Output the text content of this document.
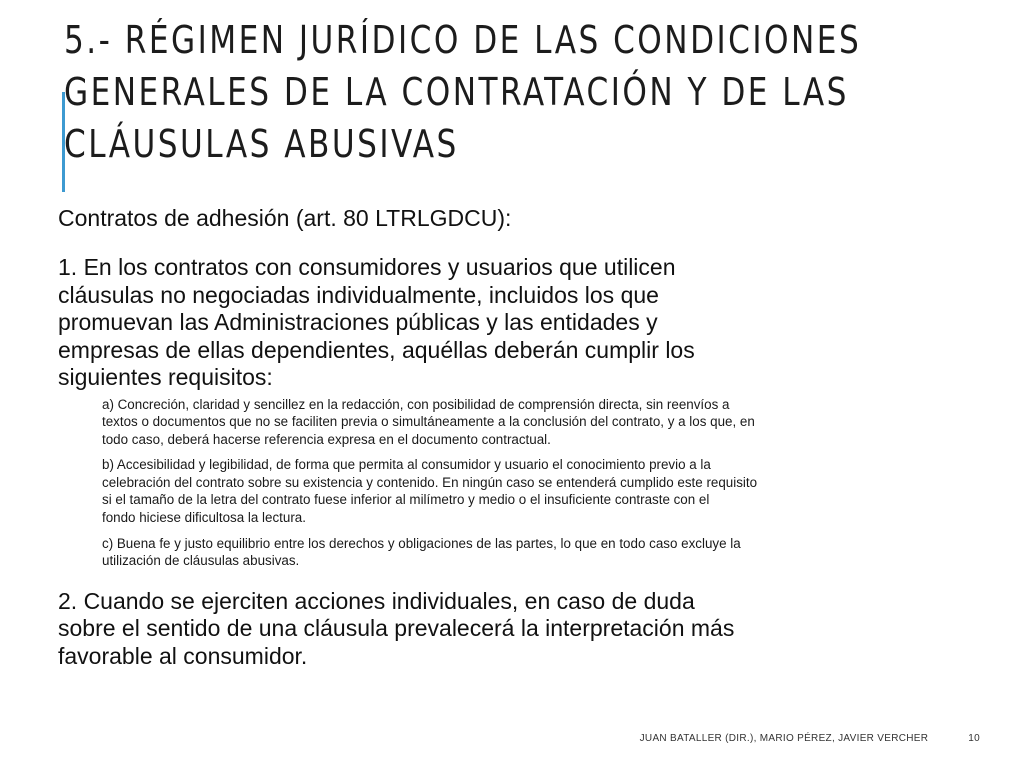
5.- RÉGIMEN JURÍDICO DE LAS CONDICIONES
GENERALES DE LA CONTRATACIÓN Y DE LAS
CLÁUSULAS ABUSIVAS

Contratos de adhesión (art. 80 LTRLGDCU):

1. En los contratos con consumidores y usuarios que utilicen
cláusulas no negociadas individualmente, incluidos los que
promuevan las Administraciones públicas y las entidades y
empresas de ellas dependientes, aquéllas deberán cumplir los
siguientes requisitos:

a) Concreción, claridad y sencillez en la redacción, con posibilidad de comprensión directa, sin reenvíos a
textos o documentos que no se faciliten previa o simultáneamente a la conclusión del contrato, y a los que, en
todo caso, deberá hacerse referencia expresa en el documento contractual.

b) Accesibilidad y legibilidad, de forma que permita al consumidor y usuario el conocimiento previo a la
celebración del contrato sobre su existencia y contenido. En ningún caso se entenderá cumplido este requisito
si el tamaño de la letra del contrato fuese inferior al milímetro y medio o el insuficiente contraste con el
fondo hiciese dificultosa la lectura.

c) Buena fe y justo equilibrio entre los derechos y obligaciones de las partes, lo que en todo caso excluye la
utilización de cláusulas abusivas.

2. Cuando se ejerciten acciones individuales, en caso de duda
sobre el sentido de una cláusula prevalecerá la interpretación más
favorable al consumidor.

JUAN BATALLER (DIR.), MARIO PÉREZ, JAVIER VERCHER	10
